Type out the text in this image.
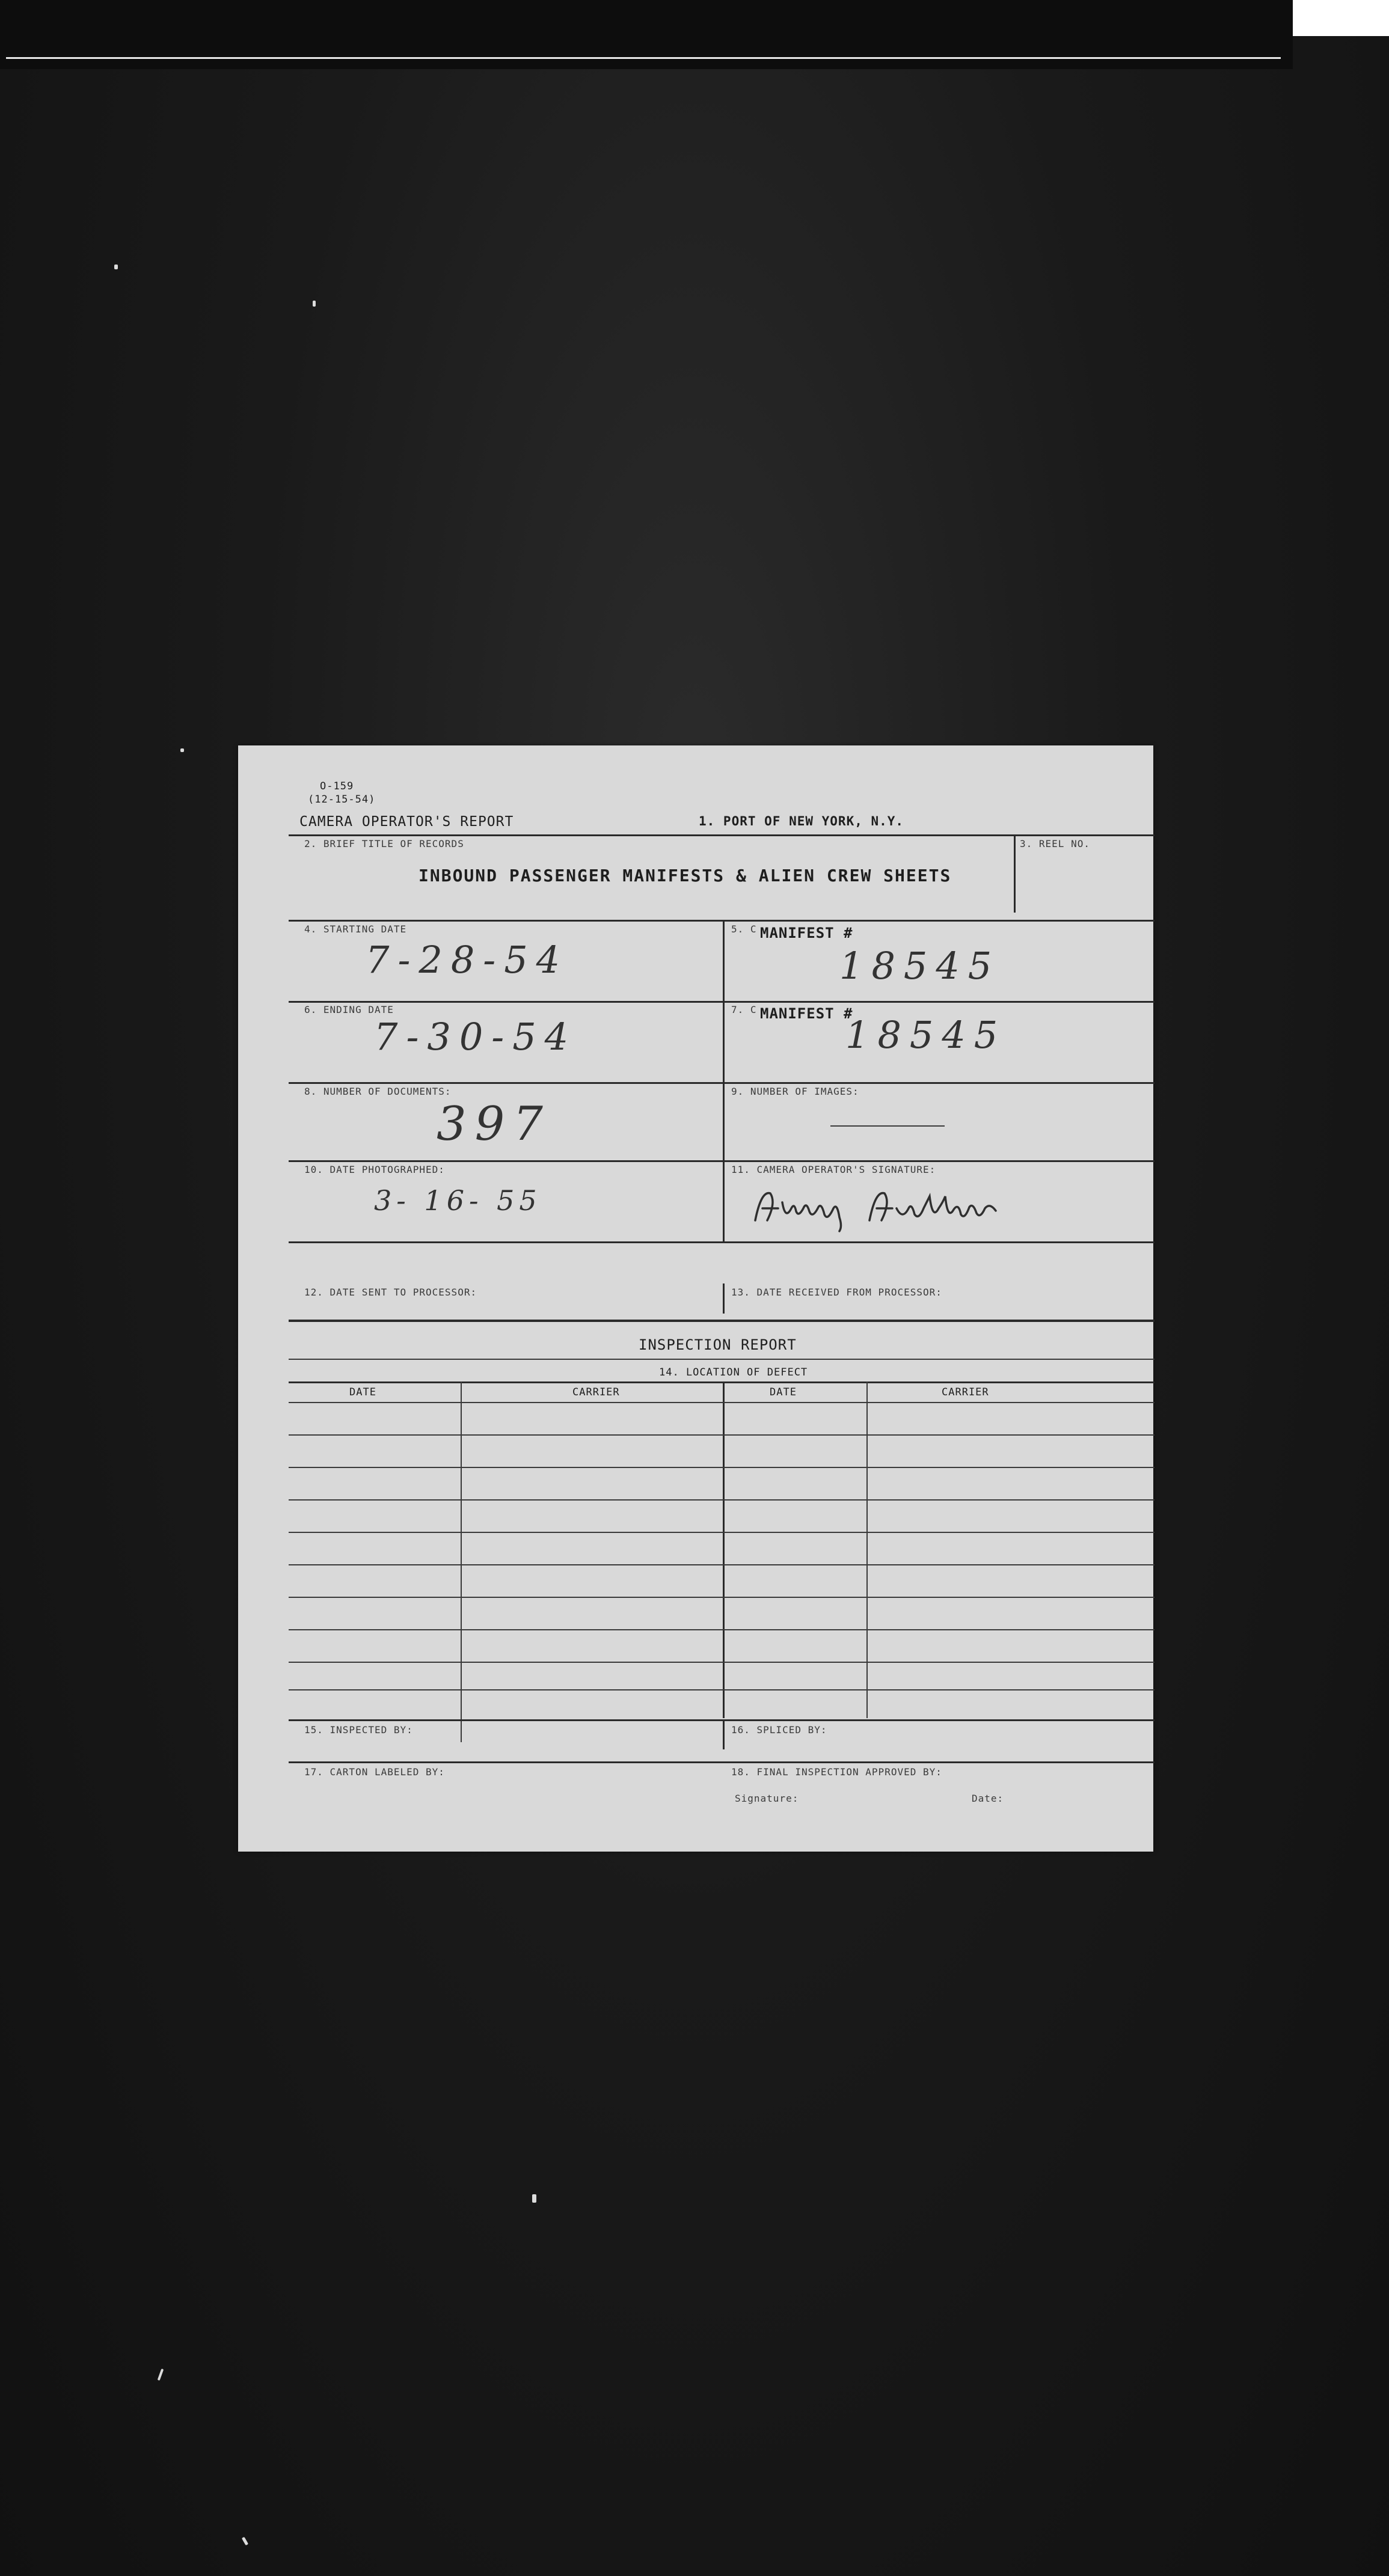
O-159
(12-15-54)
CAMERA OPERATOR'S REPORT	1. PORT OF NEW YORK, N.Y.
2. BRIEF TITLE OF RECORDS
INBOUND PASSENGER MANIFESTS & ALIEN CREW SHEETS
3. REEL NO.
4. STARTING DATE
7-28-54
5. C MANIFEST #
18545
6. ENDING DATE
7-30-54
7. C MANIFEST #
18545
8. NUMBER OF DOCUMENTS:
397
9. NUMBER OF IMAGES:
10. DATE PHOTOGRAPHED:
3- 16- 55
11. CAMERA OPERATOR'S SIGNATURE:
12. DATE SENT TO PROCESSOR:	13. DATE RECEIVED FROM PROCESSOR:
INSPECTION REPORT
14. LOCATION OF DEFECT
DATE	CARRIER	DATE	CARRIER
15. INSPECTED BY:	16. SPLICED BY:
17. CARTON LABELED BY:	18. FINAL INSPECTION APPROVED BY:
Signature:	Date:
